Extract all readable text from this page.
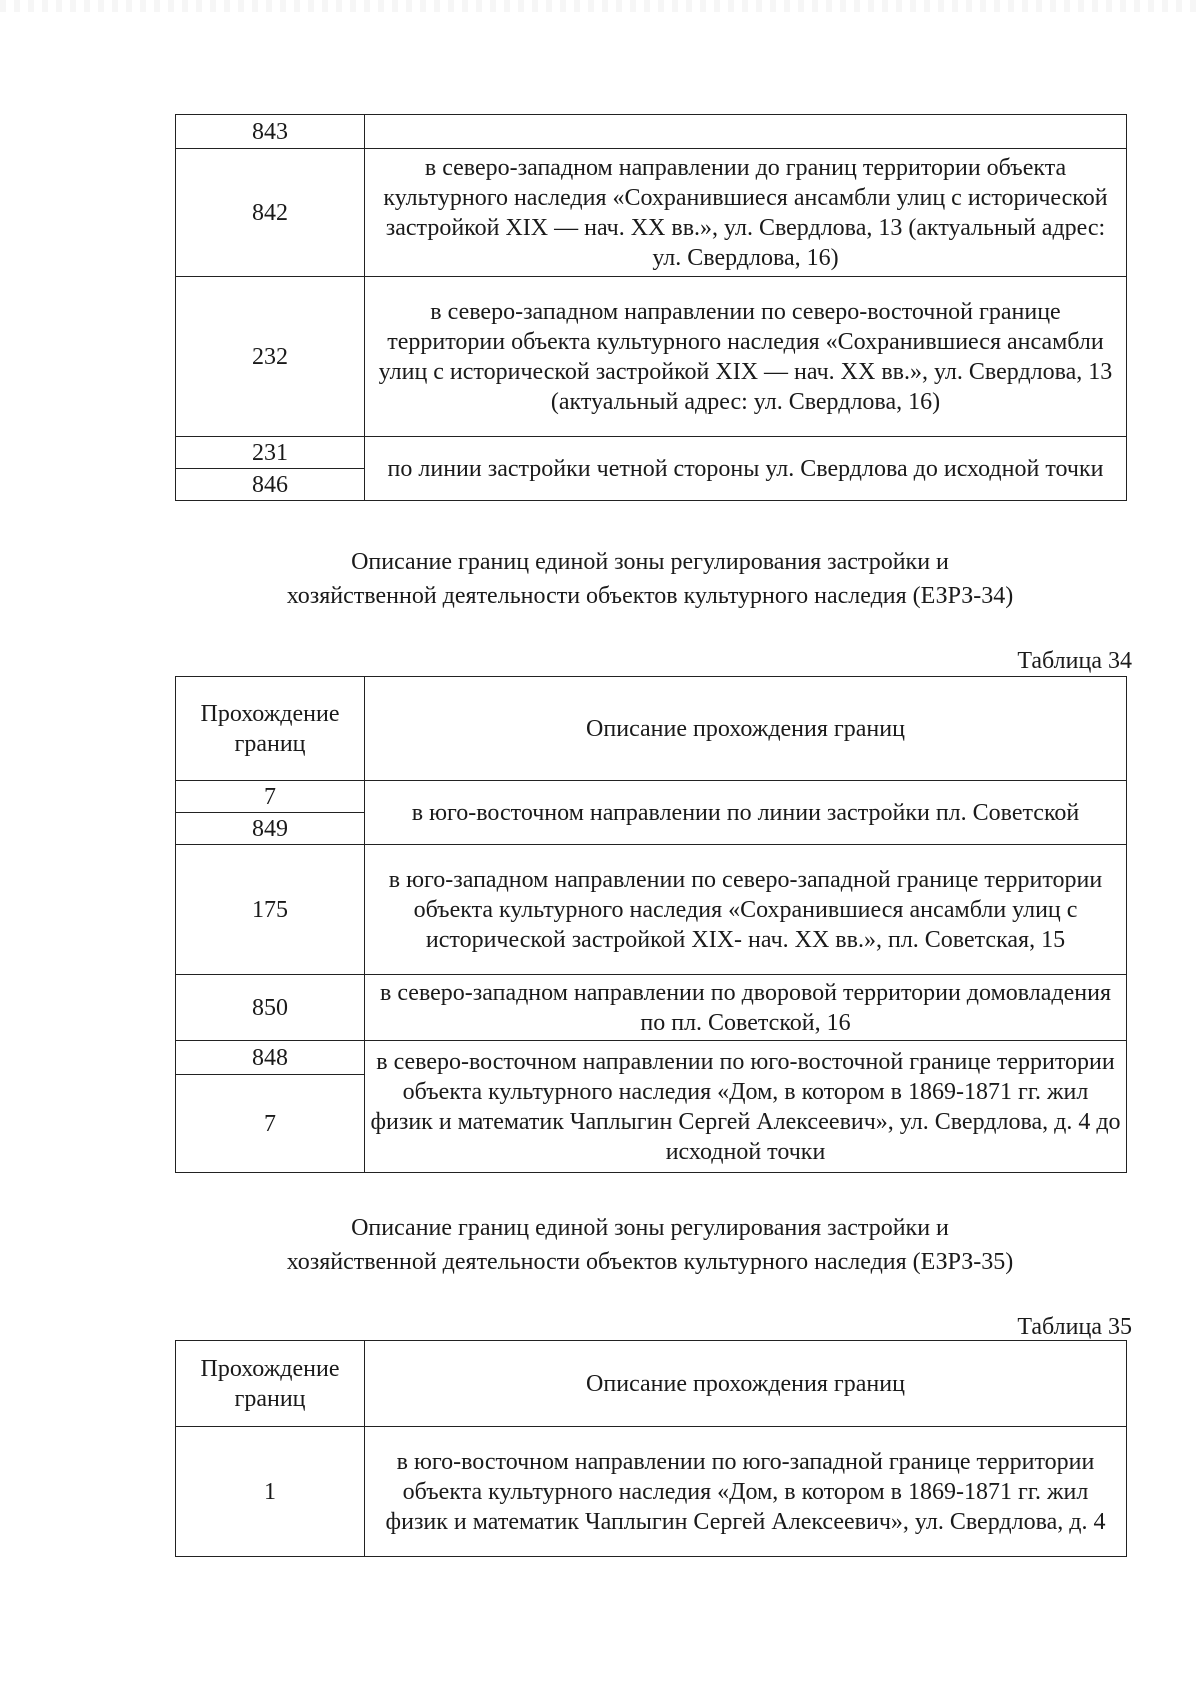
843	
842	в северо-западном направлении до границ территории объекта культурного наследия «Сохранившиеся ансамбли улиц с исторической застройкой XIX — нач. XX вв.», ул. Свердлова, 13 (актуальный адрес: ул. Свердлова, 16)
232	в северо-западном направлении по северо-восточной границе территории объекта культурного наследия «Сохранившиеся ансамбли улиц с исторической застройкой XIX — нач. XX вв.», ул. Свердлова, 13 (актуальный адрес: ул. Свердлова, 16)
231	по линии застройки четной стороны ул. Свердлова до исходной точки
846	
Описание границ единой зоны регулирования застройки и
хозяйственной деятельности объектов культурного наследия (ЕЗРЗ-34)
Таблица 34
Прохождение границ	Описание прохождения границ
7	в юго-восточном направлении по линии застройки пл. Советской
849	
175	в юго-западном направлении по северо-западной границе территории объекта культурного наследия «Сохранившиеся ансамбли улиц с исторической застройкой XIX- нач. XX вв.», пл. Советская, 15
850	в северо-западном направлении по дворовой территории домовладения по пл. Советской, 16
848	в северо-восточном направлении по юго-восточной границе территории объекта культурного наследия «Дом, в котором в 1869-1871 гг. жил физик и математик Чаплыгин Сергей Алексеевич», ул. Свердлова, д. 4 до исходной точки
7	
Описание границ единой зоны регулирования застройки и
хозяйственной деятельности объектов культурного наследия (ЕЗРЗ-35)
Таблица 35
Прохождение границ	Описание прохождения границ
1	в юго-восточном направлении по юго-западной границе территории объекта культурного наследия «Дом, в котором в 1869-1871 гг. жил физик и математик Чаплыгин Сергей Алексеевич», ул. Свердлова, д. 4
